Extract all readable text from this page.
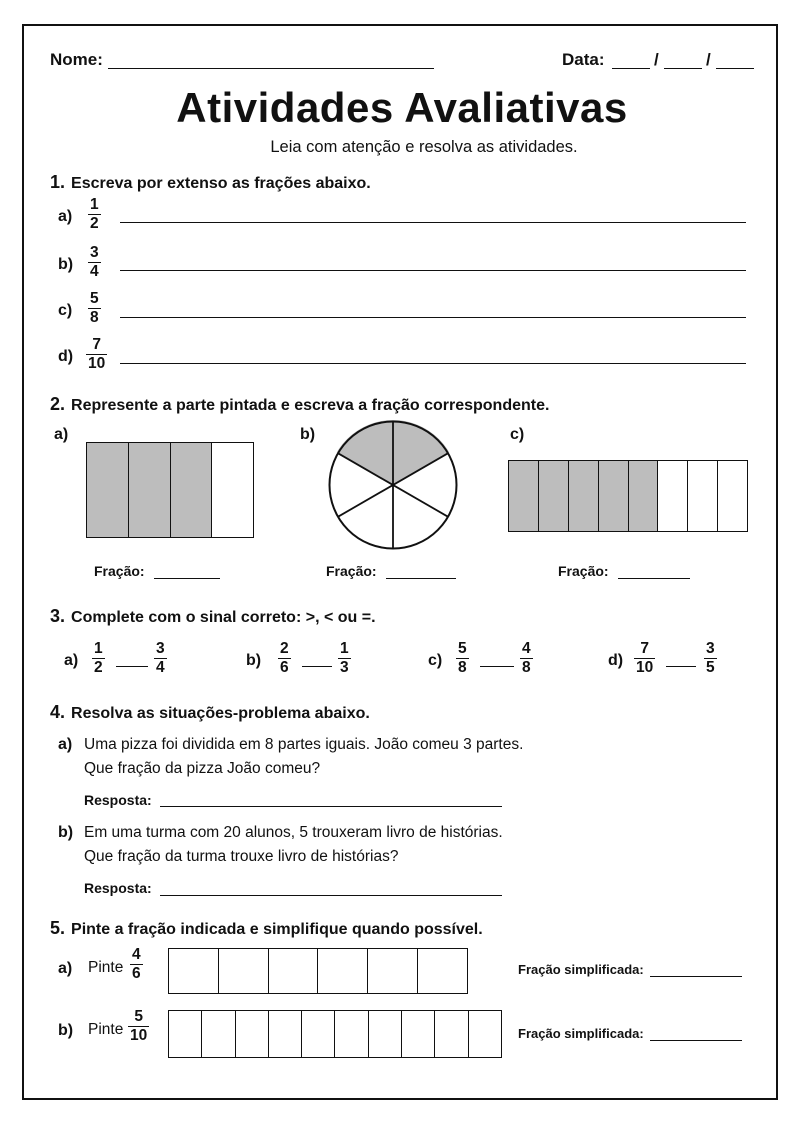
Nome:	Data:	/	/
Atividades Avaliativas
Leia com atenção e resolva as atividades.
1. Escreva por extenso as frações abaixo.
a)
1
2
b)
3
4
c)
5
8
d)
7
10
2. Represente a parte pintada e escreva a fração correspondente.
a)	b)	c)
Fração:	Fração:	Fração:
3. Complete com o sinal correto: >, < ou =.
a)
1
2
3
4	b)
2
6
1
3	c)
5
8
4
8	d)
7
10
3
5
4. Resolva as situações-problema abaixo.
a) Uma pizza foi dividida em 8 partes iguais. João comeu 3 partes.
Que fração da pizza João comeu?
Resposta:
b) Em uma turma com 20 alunos, 5 trouxeram livro de histórias.
Que fração da turma trouxe livro de histórias?
Resposta:
5. Pinte a fração indicada e simplifique quando possível.
a) Pinte
4
6	Fração simplificada:
b) Pinte
5
10	Fração simplificada:
